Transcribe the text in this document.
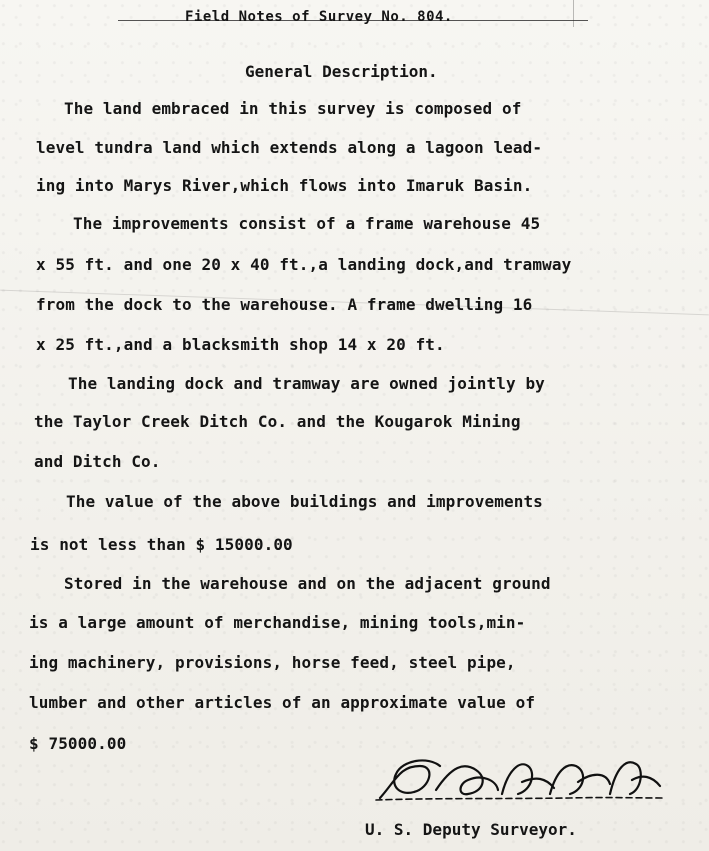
Field Notes of Survey No. 804.
General Description.
The land embraced in this survey is composed of
level tundra land which extends along a lagoon lead-
ing into Marys River,which flows into Imaruk Basin.
The improvements consist of a frame warehouse 45
x 55 ft. and one 20 x 40 ft.,a landing dock,and tramway
from the dock to the warehouse. A frame dwelling 16
x 25 ft.,and a blacksmith shop 14 x 20 ft.
The landing dock and tramway are owned jointly by
the Taylor Creek Ditch Co. and the Kougarok Mining
and Ditch Co.
The value of the above buildings and improvements
is not less than $ 15000.00
Stored in the warehouse and on the adjacent ground
is a large amount of merchandise, mining tools,min-
ing machinery, provisions, horse feed, steel pipe,
lumber and other articles of an approximate value of
$ 75000.00
U. S. Deputy Surveyor.
